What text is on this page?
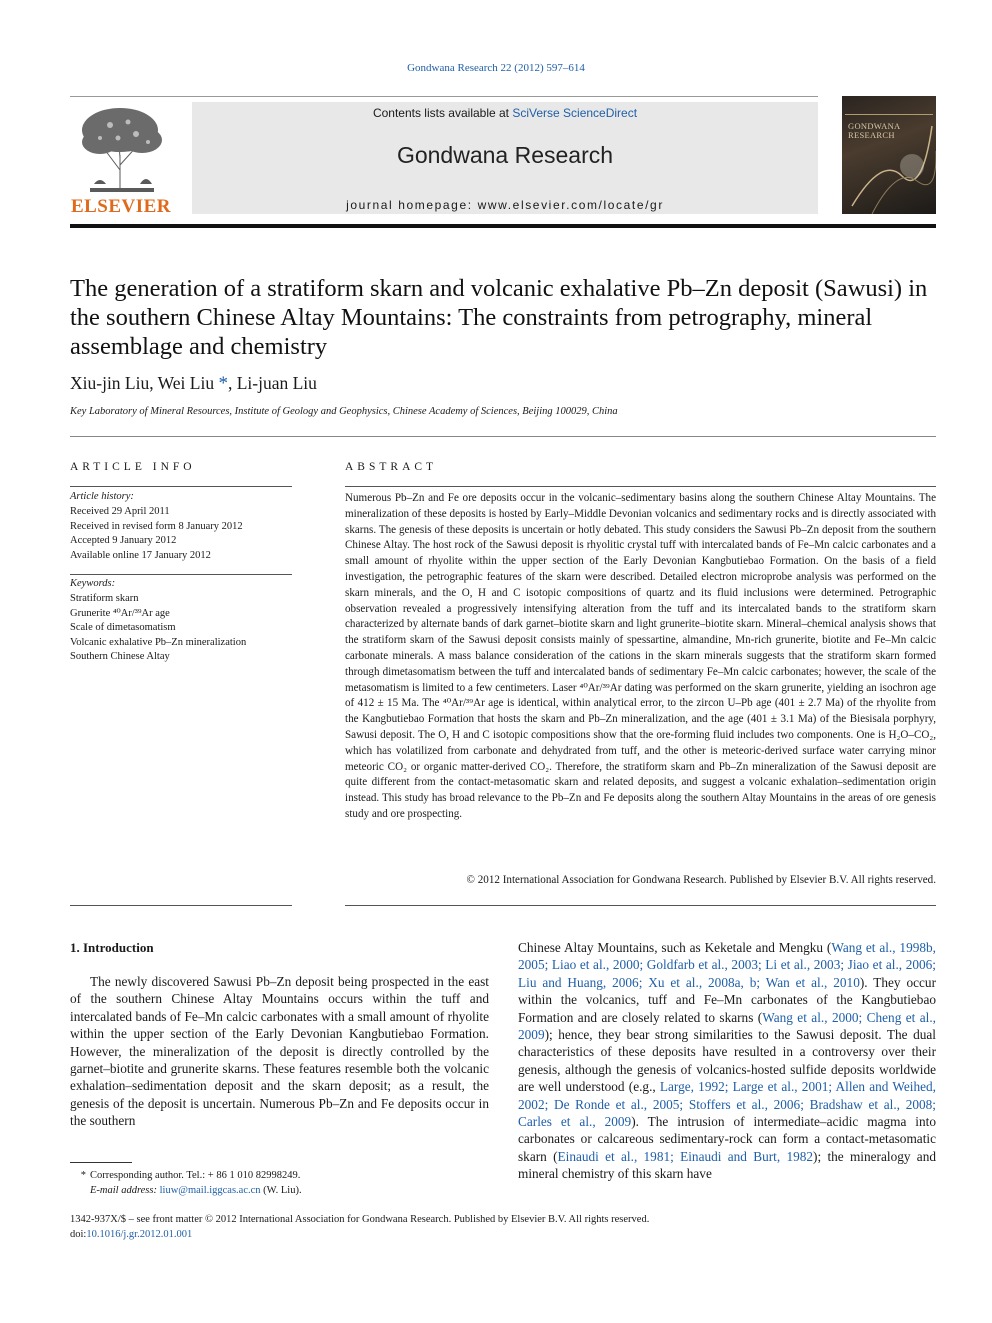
Gondwana Research 22 (2012) 597–614
ELSEVIER
Contents lists available at SciVerse ScienceDirect
Gondwana Research
journal homepage: www.elsevier.com/locate/gr
GONDWANA RESEARCH
The generation of a stratiform skarn and volcanic exhalative Pb–Zn deposit (Sawusi) in the southern Chinese Altay Mountains: The constraints from petrography, mineral assemblage and chemistry
Xiu-jin Liu, Wei Liu *, Li-juan Liu
Key Laboratory of Mineral Resources, Institute of Geology and Geophysics, Chinese Academy of Sciences, Beijing 100029, China
ARTICLE INFO
Article history:
Received 29 April 2011
Received in revised form 8 January 2012
Accepted 9 January 2012
Available online 17 January 2012
Keywords:
Stratiform skarn
Grunerite ⁴⁰Ar/³⁹Ar age
Scale of dimetasomatism
Volcanic exhalative Pb–Zn mineralization
Southern Chinese Altay
ABSTRACT
Numerous Pb–Zn and Fe ore deposits occur in the volcanic–sedimentary basins along the southern Chinese Altay Mountains. The mineralization of these deposits is hosted by Early–Middle Devonian volcanics and sedimentary rocks and is directly associated with skarns. The genesis of these deposits is uncertain or hotly debated. This study considers the Sawusi Pb–Zn deposit from the southern Chinese Altay. The host rock of the Sawusi deposit is rhyolitic crystal tuff with intercalated bands of Fe–Mn calcic carbonates and a small amount of rhyolite within the upper section of the Early Devonian Kangbutiebao Formation. On the basis of a field investigation, the petrographic features of the skarn were described. Detailed electron microprobe analysis was performed on the skarn minerals, and the O, H and C isotopic compositions of quartz and its fluid inclusions were determined. Petrographic observation revealed a progressively intensifying alteration from the tuff and its intercalated bands to the stratiform skarn characterized by alternate bands of dark garnet–biotite skarn and light grunerite–biotite skarn. Mineral–chemical analysis shows that the stratiform skarn of the Sawusi deposit consists mainly of spessartine, almandine, Mn-rich grunerite, biotite and Fe–Mn calcic carbonate minerals. A mass balance consideration of the cations in the skarn minerals suggests that the stratiform skarn formed through dimetasomatism between the tuff and intercalated bands of sedimentary Fe–Mn calcic carbonates; however, the scale of the metasomatism is limited to a few centimeters. Laser ⁴⁰Ar/³⁹Ar dating was performed on the skarn grunerite, yielding an isochron age of 412 ± 15 Ma. The ⁴⁰Ar/³⁹Ar age is identical, within analytical error, to the zircon U–Pb age (401 ± 2.7 Ma) of the rhyolite from the Kangbutiebao Formation that hosts the skarn and Pb–Zn mineralization, and the age (401 ± 3.1 Ma) of the Biesisala porphyry, Sawusi deposit. The O, H and C isotopic compositions show that the ore-forming fluid includes two components. One is H₂O–CO₂, which has volatilized from carbonate and dehydrated from tuff, and the other is meteoric-derived surface water carrying minor meteoric CO₂ or organic matter-derived CO₂. Therefore, the stratiform skarn and Pb–Zn mineralization of the Sawusi deposit are quite different from the contact-metasomatic skarn and related deposits, and suggest a volcanic exhalation–sedimentation origin instead. This study has broad relevance to the Pb–Zn and Fe deposits along the southern Altay Mountains in the areas of ore genesis study and ore prospecting.
© 2012 International Association for Gondwana Research. Published by Elsevier B.V. All rights reserved.
1. Introduction
The newly discovered Sawusi Pb–Zn deposit being prospected in the east of the southern Chinese Altay Mountains occurs within the tuff and intercalated bands of Fe–Mn calcic carbonates with a small amount of rhyolite within the upper section of the Early Devonian Kangbutiebao Formation. However, the mineralization of the deposit is directly controlled by the garnet–biotite and grunerite skarns. These features resemble both the volcanic exhalation–sedimentation deposit and the skarn deposit; as a result, the genesis of the deposit is uncertain. Numerous Pb–Zn and Fe deposits occur in the southern
Chinese Altay Mountains, such as Keketale and Mengku (Wang et al., 1998b, 2005; Liao et al., 2000; Goldfarb et al., 2003; Li et al., 2003; Jiao et al., 2006; Liu and Huang, 2006; Xu et al., 2008a, b; Wan et al., 2010). They occur within the volcanics, tuff and Fe–Mn carbonates of the Kangbutiebao Formation and are closely related to skarns (Wang et al., 2000; Cheng et al., 2009); hence, they bear strong similarities to the Sawusi deposit. The dual characteristics of these deposits have resulted in a controversy over their genesis, although the genesis of volcanics-hosted sulfide deposits worldwide are well understood (e.g., Large, 1992; Large et al., 2001; Allen and Weihed, 2002; De Ronde et al., 2005; Stoffers et al., 2006; Bradshaw et al., 2008; Carles et al., 2009). The intrusion of intermediate–acidic magma into carbonates or calcareous sedimentary-rock can form a contact-metasomatic skarn (Einaudi et al., 1981; Einaudi and Burt, 1982); the mineralogy and mineral chemistry of this skarn have
* Corresponding author. Tel.: + 86 1 010 82998249.
E-mail address: liuw@mail.iggcas.ac.cn (W. Liu).
1342-937X/$ – see front matter © 2012 International Association for Gondwana Research. Published by Elsevier B.V. All rights reserved.
doi:10.1016/j.gr.2012.01.001
